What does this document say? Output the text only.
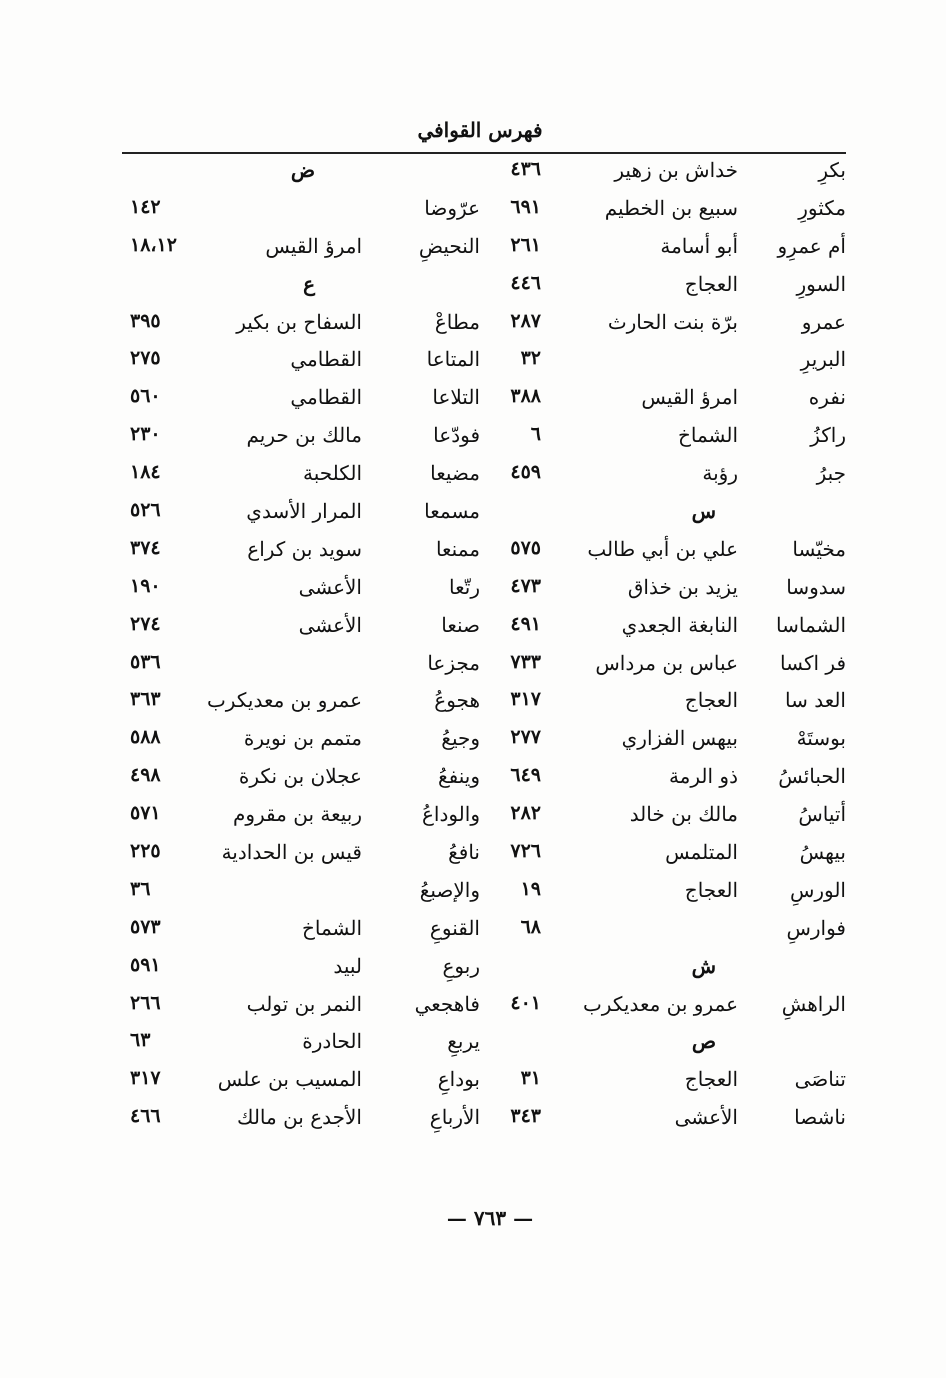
فهرس القوافي
بكرِ
خداش بن زهير
٤٣٦
مكثورِ
سبيع بن الخطيم
٦٩١
أم عمرِو
أبو أسامة
٢٦١
السورِ
العجاج
٤٤٦
عمرو
برّة بنت الحارث
٢٨٧
البريرِ
٣٢
نفره
امرؤ القيس
٣٨٨
راكزُ
الشماخ
٦
جبرُ
رؤبة
٤٥٩
س
مخيّسا
علي بن أبي طالب
٥٧٥
سدوسا
يزيد بن خذاق
٤٧٣
الشماسا
النابغة الجعدي
٤٩١
فر اكسا
عباس بن مرداس
٧٣٣
العد سا
العجاج
٣١٧
بوستَهْ
بيهس الفزاري
٢٧٧
الحبائسُ
ذو الرمة
٦٤٩
أتياسُ
مالك بن خالد
٢٨٢
بيهسُ
المتلمس
٧٢٦
الورسِ
العجاج
١٩
فوارسِ
٦٨
ش
الراهشِ
عمرو بن معديكرب
٤٠١
ص
تناصَى
العجاج
٣١
ناشصا
الأعشى
٣٤٣
ض
عرّوضا
١٤٢
النحيضِ
امرؤ القيس
١٨،١٢
ع
مطاعْ
السفاح بن بكير
٣٩٥
المتاعا
القطامي
٢٧٥
التلاعا
القطامي
٥٦٠
فودّعا
مالك بن حريم
٢٣٠
مضيعا
الكلحبة
١٨٤
مسمعا
المرار الأسدي
٥٢٦
ممنعا
سويد بن كراع
٣٧٤
رتّعا
الأعشى
١٩٠
صنعا
الأعشى
٢٧٤
مجزعا
٥٣٦
هجوعُ
عمرو بن معديكرب
٣٦٣
وجيعُ
متمم بن نويرة
٥٨٨
وينفعُ
عجلان بن نكرة
٤٩٨
والوداعُ
ربيعة بن مقروم
٥٧١
نافعُ
قيس بن الحدادية
٢٢٥
والإصبعُ
٣٦
القنوعِ
الشماخ
٥٧٣
ربوعِ
لبيد
٥٩١
فاهجعي
النمر بن تولب
٢٦٦
يربعِ
الحادرة
٦٣
بوداعِ
المسيب بن علس
٣١٧
الأرباعِ
الأجدع بن مالك
٤٦٦
— ٧٦٣ —
